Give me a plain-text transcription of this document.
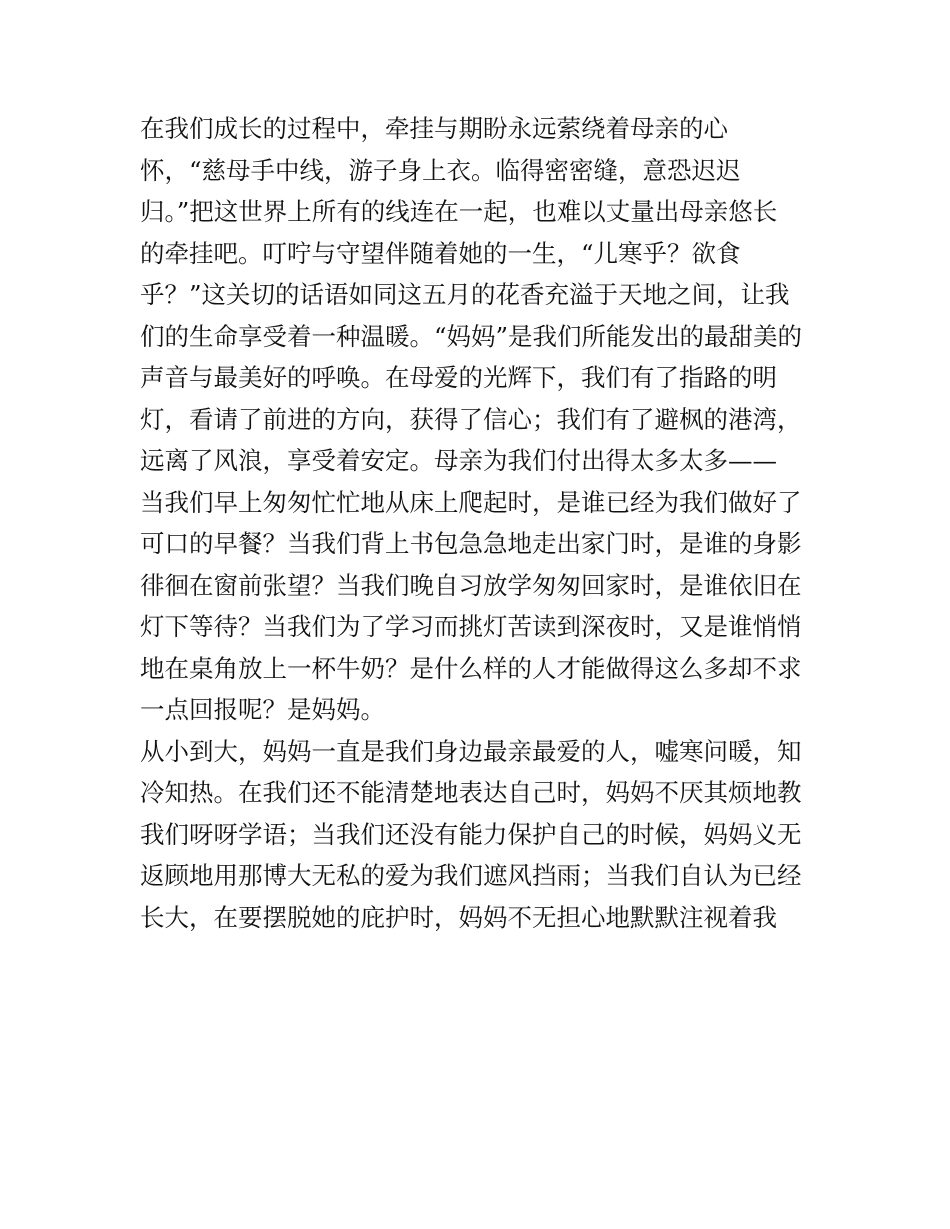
在我们成长的过程中，牵挂与期盼永远萦绕着母亲的心
怀，“慈母手中线，游子身上衣。临得密密缝，意恐迟迟
归。”把这世界上所有的线连在一起，也难以丈量出母亲悠长
的牵挂吧。叮咛与守望伴随着她的一生，“儿寒乎？欲食
乎？”这关切的话语如同这五月的花香充溢于天地之间，让我
们的生命享受着一种温暖。“妈妈”是我们所能发出的最甜美的
声音与最美好的呼唤。在母爱的光辉下，我们有了指路的明
灯，看请了前进的方向，获得了信心；我们有了避枫的港湾，
远离了风浪，享受着安定。母亲为我们付出得太多太多——
当我们早上匆匆忙忙地从床上爬起时，是谁已经为我们做好了
可口的早餐？当我们背上书包急急地走出家门时，是谁的身影
徘徊在窗前张望？当我们晚自习放学匆匆回家时，是谁依旧在
灯下等待？当我们为了学习而挑灯苦读到深夜时，又是谁悄悄
地在桌角放上一杯牛奶？是什么样的人才能做得这么多却不求
一点回报呢？是妈妈。
从小到大，妈妈一直是我们身边最亲最爱的人，嘘寒问暖，知
冷知热。在我们还不能清楚地表达自己时，妈妈不厌其烦地教
我们呀呀学语；当我们还没有能力保护自己的时候，妈妈义无
返顾地用那博大无私的爱为我们遮风挡雨；当我们自认为已经
长大，在要摆脱她的庇护时，妈妈不无担心地默默注视着我
